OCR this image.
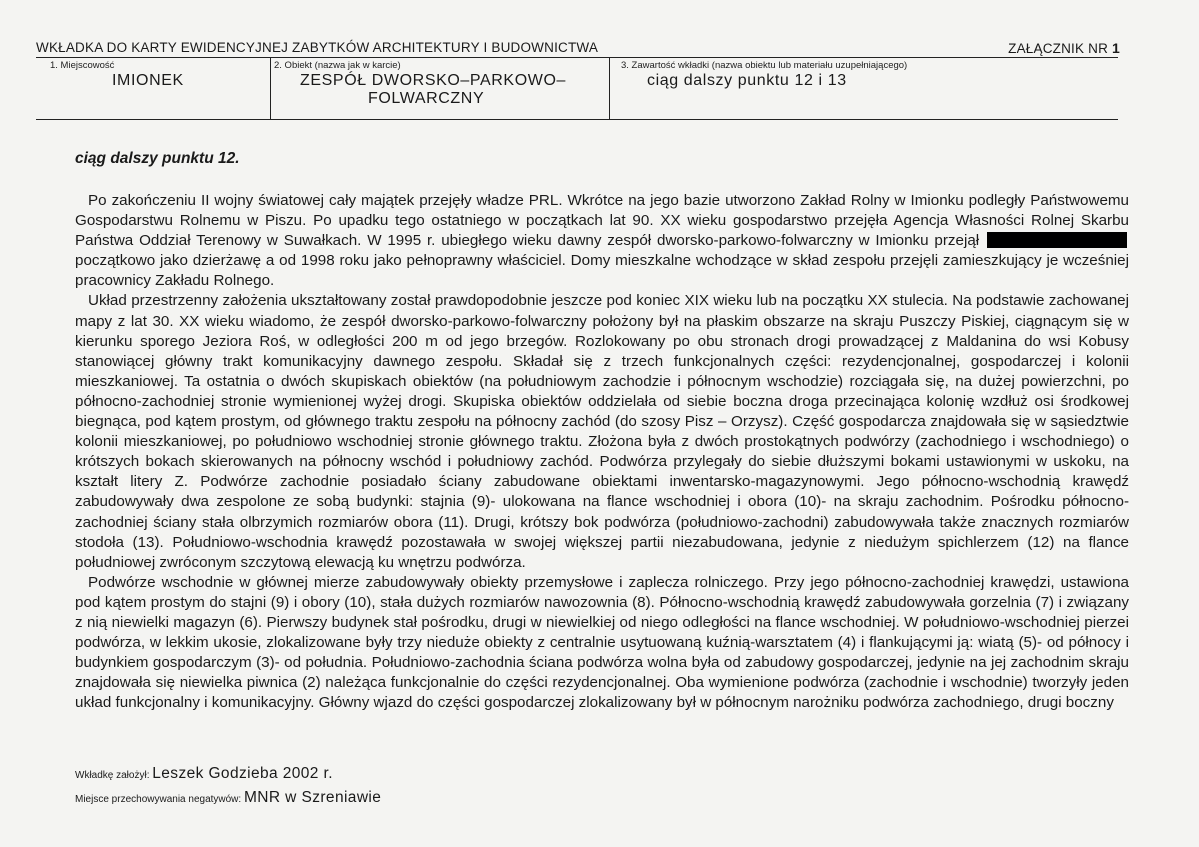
WKŁADKA DO KARTY EWIDENCYJNEJ ZABYTKÓW ARCHITEKTURY I BUDOWNICTWA	ZAŁĄCZNIK NR 1
1. Miejscowość
IMIONEK
2. Obiekt (nazwa jak w karcie)
ZESPÓŁ DWORSKO–PARKOWO–
FOLWARCZNY
3. Zawartość wkładki (nazwa obiektu lub materiału uzupełniającego)
ciąg dalszy punktu 12 i 13
ciąg dalszy punktu 12.

Po zakończeniu II wojny światowej cały majątek przejęły władze PRL. Wkrótce na jego bazie utworzono Zakład Rolny w Imionku podległy Państwowemu Gospodarstwu Rolnemu w Piszu. Po upadku tego ostatniego w początkach lat 90. XX wieku gospodarstwo przejęła Agencja Własności Rolnej Skarbu Państwa Oddział Terenowy w Suwałkach. W 1995 r. ubiegłego wieku dawny zespół dworsko-parkowo-folwarczny w Imionku przejął  początkowo jako dzierżawę a od 1998 roku jako pełnoprawny właściciel. Domy mieszkalne wchodzące w skład zespołu przejęli zamieszkujący je wcześniej pracownicy Zakładu Rolnego.

Układ przestrzenny założenia ukształtowany został prawdopodobnie jeszcze pod koniec XIX wieku lub na początku XX stulecia. Na podstawie zachowanej mapy z lat 30. XX wieku wiadomo, że zespół dworsko-parkowo-folwarczny położony był na płaskim obszarze na skraju Puszczy Piskiej, ciągnącym się w kierunku sporego Jeziora Roś, w odległości 200 m od jego brzegów. Rozlokowany po obu stronach drogi prowadzącej z Maldanina do wsi Kobusy stanowiącej główny trakt komunikacyjny dawnego zespołu. Składał się z trzech funkcjonalnych części: rezydencjonalnej, gospodarczej i kolonii mieszkaniowej. Ta ostatnia o dwóch skupiskach obiektów (na południowym zachodzie i północnym wschodzie) rozciągała się, na dużej powierzchni, po północno-zachodniej stronie wymienionej wyżej drogi. Skupiska obiektów oddzielała od siebie boczna droga przecinająca kolonię wzdłuż osi środkowej biegnąca, pod kątem prostym, od głównego traktu zespołu na północny zachód (do szosy Pisz – Orzysz). Część gospodarcza znajdowała się w sąsiedztwie kolonii mieszkaniowej, po południowo wschodniej stronie głównego traktu. Złożona była z dwóch prostokątnych podwórzy (zachodniego i wschodniego) o krótszych bokach skierowanych na północny wschód i południowy zachód. Podwórza przylegały do siebie dłuższymi bokami ustawionymi w uskoku, na kształt litery Z. Podwórze zachodnie posiadało ściany zabudowane obiektami inwentarsko-magazynowymi. Jego północno-wschodnią krawędź zabudowywały dwa zespolone ze sobą budynki: stajnia (9)- ulokowana na flance wschodniej i obora (10)- na skraju zachodnim. Pośrodku północno-zachodniej ściany stała olbrzymich rozmiarów obora (11). Drugi, krótszy bok podwórza (południowo-zachodni) zabudowywała także znacznych rozmiarów stodoła (13). Południowo-wschodnia krawędź pozostawała w swojej większej partii niezabudowana, jedynie z niedużym spichlerzem (12) na flance południowej zwróconym szczytową elewacją ku wnętrzu podwórza.

Podwórze wschodnie w głównej mierze zabudowywały obiekty przemysłowe i zaplecza rolniczego. Przy jego północno-zachodniej krawędzi, ustawiona pod kątem prostym do stajni (9) i obory (10), stała dużych rozmiarów nawozownia (8). Północno-wschodnią krawędź zabudowywała gorzelnia (7) i związany z nią niewielki magazyn (6). Pierwszy budynek stał pośrodku, drugi w niewielkiej od niego odległości na flance wschodniej. W południowo-wschodniej pierzei podwórza, w lekkim ukosie, zlokalizowane były trzy nieduże obiekty z centralnie usytuowaną kuźnią-warsztatem (4) i flankującymi ją: wiatą (5)- od północy i budynkiem gospodarczym (3)- od południa. Południowo-zachodnia ściana podwórza wolna była od zabudowy gospodarczej, jedynie na jej zachodnim skraju znajdowała się niewielka piwnica (2) należąca funkcjonalnie do części rezydencjonalnej. Oba wymienione podwórza (zachodnie i wschodnie) tworzyły jeden układ funkcjonalny i komunikacyjny. Główny wjazd do części gospodarczej zlokalizowany był w północnym narożniku podwórza zachodniego, drugi boczny

Wkładkę założył: Leszek Godzieba 2002 r.
Miejsce przechowywania negatywów: MNR w Szreniawie
